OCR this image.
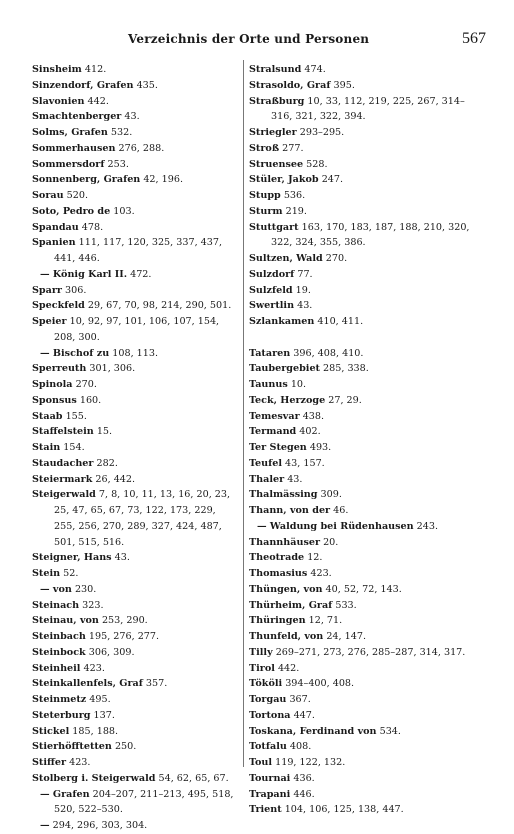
Verzeichnis der Orte und Personen	567
Sinsheim 412.
Sinzendorf, Grafen 435.
Slavonien 442.
Smachtenberger 43.
Solms, Grafen 532.
Sommerhausen 276, 288.
Sommersdorf 253.
Sonnenberg, Grafen 42, 196.
Sorau 520.
Soto, Pedro de 103.
Spandau 478.
Spanien 111, 117, 120, 325, 337, 437, 441, 446.
— König Karl II. 472.
Sparr 306.
Speckfeld 29, 67, 70, 98, 214, 290, 501.
Speier 10, 92, 97, 101, 106, 107, 154, 208, 300.
— Bischof zu 108, 113.
Sperreuth 301, 306.
Spinola 270.
Sponsus 160.
Staab 155.
Staffelstein 15.
Stain 154.
Staudacher 282.
Steiermark 26, 442.
Steigerwald 7, 8, 10, 11, 13, 16, 20, 23, 25, 47, 65, 67, 73, 122, 173, 229, 255, 256, 270, 289, 327, 424, 487, 501, 515, 516.
Steigner, Hans 43.
Stein 52.
— von 230.
Steinach 323.
Steinau, von 253, 290.
Steinbach 195, 276, 277.
Steinbock 306, 309.
Steinheil 423.
Steinkallenfels, Graf 357.
Steinmetz 495.
Steterburg 137.
Stickel 185, 188.
Stierhöfftetten 250.
Stiffer 423.
Stolberg i. Steigerwald 54, 62, 65, 67.
— Grafen 204–207, 211–213, 495, 518, 520, 522–530.
— 294, 296, 303, 304.
Stralsund 474.
Strasoldo, Graf 395.
Straßburg 10, 33, 112, 219, 225, 267, 314–316, 321, 322, 394.
Striegler 293–295.
Stroß 277.
Struensee 528.
Stüler, Jakob 247.
Stupp 536.
Sturm 219.
Stuttgart 163, 170, 183, 187, 188, 210, 320, 322, 324, 355, 386.
Sultzen, Wald 270.
Sulzdorf 77.
Sulzfeld 19.
Swertlin 43.
Szlankamen 410, 411.
Tataren 396, 408, 410.
Taubergebiet 285, 338.
Taunus 10.
Teck, Herzoge 27, 29.
Temesvar 438.
Termand 402.
Ter Stegen 493.
Teufel 43, 157.
Thaler 43.
Thalmässing 309.
Thann, von der 46.
— Waldung bei Rüdenhausen 243.
Thannhäuser 20.
Theotrade 12.
Thomasius 423.
Thüngen, von 40, 52, 72, 143.
Thürheim, Graf 533.
Thüringen 12, 71.
Thunfeld, von 24, 147.
Tilly 269–271, 273, 276, 285–287, 314, 317.
Tirol 442.
Tököli 394–400, 408.
Torgau 367.
Tortona 447.
Toskana, Ferdinand von 534.
Totfalu 408.
Toul 119, 122, 132.
Tournai 436.
Trapani 446.
Trient 104, 106, 125, 138, 447.
